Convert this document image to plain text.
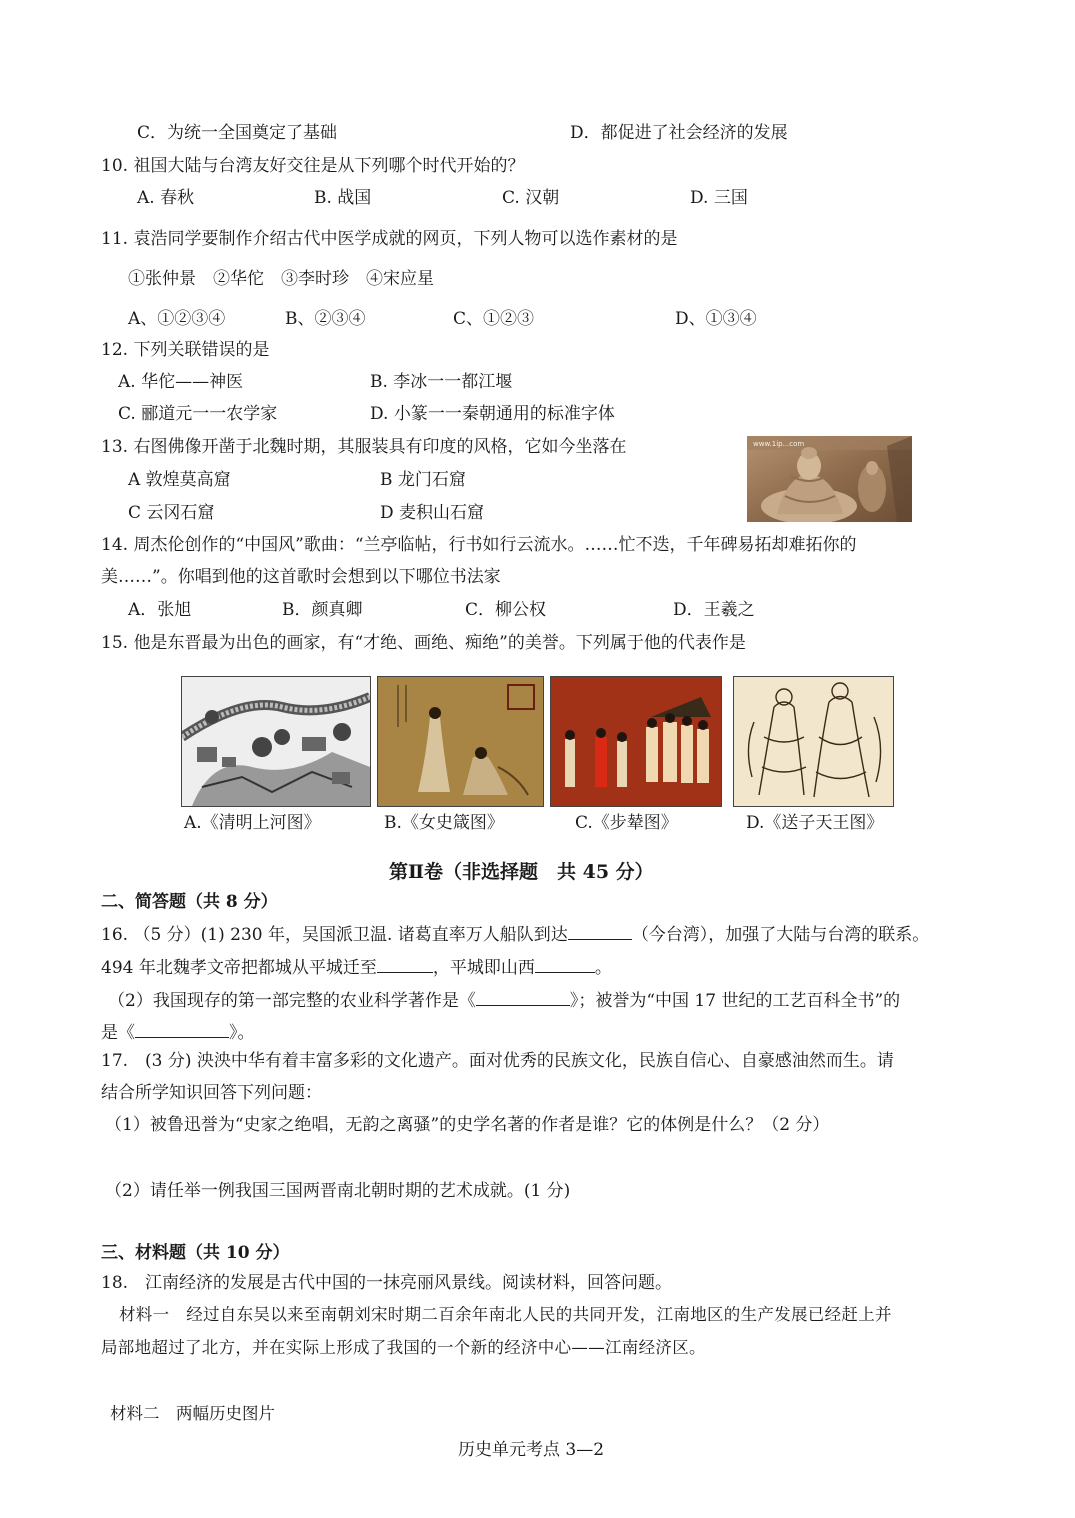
C．为统一全国奠定了基础	D．都促进了社会经济的发展
10. 祖国大陆与台湾友好交往是从下列哪个时代开始的？
A. 春秋	B. 战国	C. 汉朝	D. 三国
11. 袁浩同学要制作介绍古代中医学成就的网页，下列人物可以选作素材的是
①张仲景　②华佗　③李时珍　④宋应星
A、①②③④	B、②③④	C、①②③	D、①③④
12. 下列关联错误的是
A. 华佗——神医	B. 李冰一一都江堰
C. 郦道元一一农学家	D. 小篆一一秦朝通用的标准字体
13. 右图佛像开凿于北魏时期，其服装具有印度的风格，它如今坐落在
A 敦煌莫高窟	B 龙门石窟
C 云冈石窟	D 麦积山石窟
www.1ip...com
14. 周杰伦创作的“中国风”歌曲：“兰亭临帖，行书如行云流水。……忙不迭，千年碑易拓却难拓你的
美……”。你唱到他的这首歌时会想到以下哪位书法家
A．张旭	B．颜真卿	C．柳公权	D．王羲之
15. 他是东晋最为出色的画家，有“才绝、画绝、痴绝”的美誉。下列属于他的代表作是
A.《清明上河图》	B.《女史箴图》	C.《步辇图》	D.《送子天王图》
第Ⅱ卷（非选择题　共 45 分）
二、简答题（共 8 分）
16. （5 分）(1) 230 年，吴国派卫温. 诸葛直率万人船队到达	（今台湾），加强了大陆与台湾的联系。
494 年北魏孝文帝把都城从平城迁至	，平城即山西	。
（2）我国现存的第一部完整的农业科学著作是《	》；被誉为“中国 17 世纪的工艺百科全书”的
是《	》。
17.　(3 分) 泱泱中华有着丰富多彩的文化遗产。面对优秀的民族文化，民族自信心、自豪感油然而生。请
结合所学知识回答下列问题：
（1）被鲁迅誉为“史家之绝唱，无韵之离骚”的史学名著的作者是谁？它的体例是什么？（2 分）
（2）请任举一例我国三国两晋南北朝时期的艺术成就。(1 分)
三、材料题（共 10 分）
18.　江南经济的发展是古代中国的一抹亮丽风景线。阅读材料，回答问题。
材料一　经过自东吴以来至南朝刘宋时期二百余年南北人民的共同开发，江南地区的生产发展已经赶上并
局部地超过了北方，并在实际上形成了我国的一个新的经济中心——江南经济区。
材料二　两幅历史图片
历史单元考点 3—2
